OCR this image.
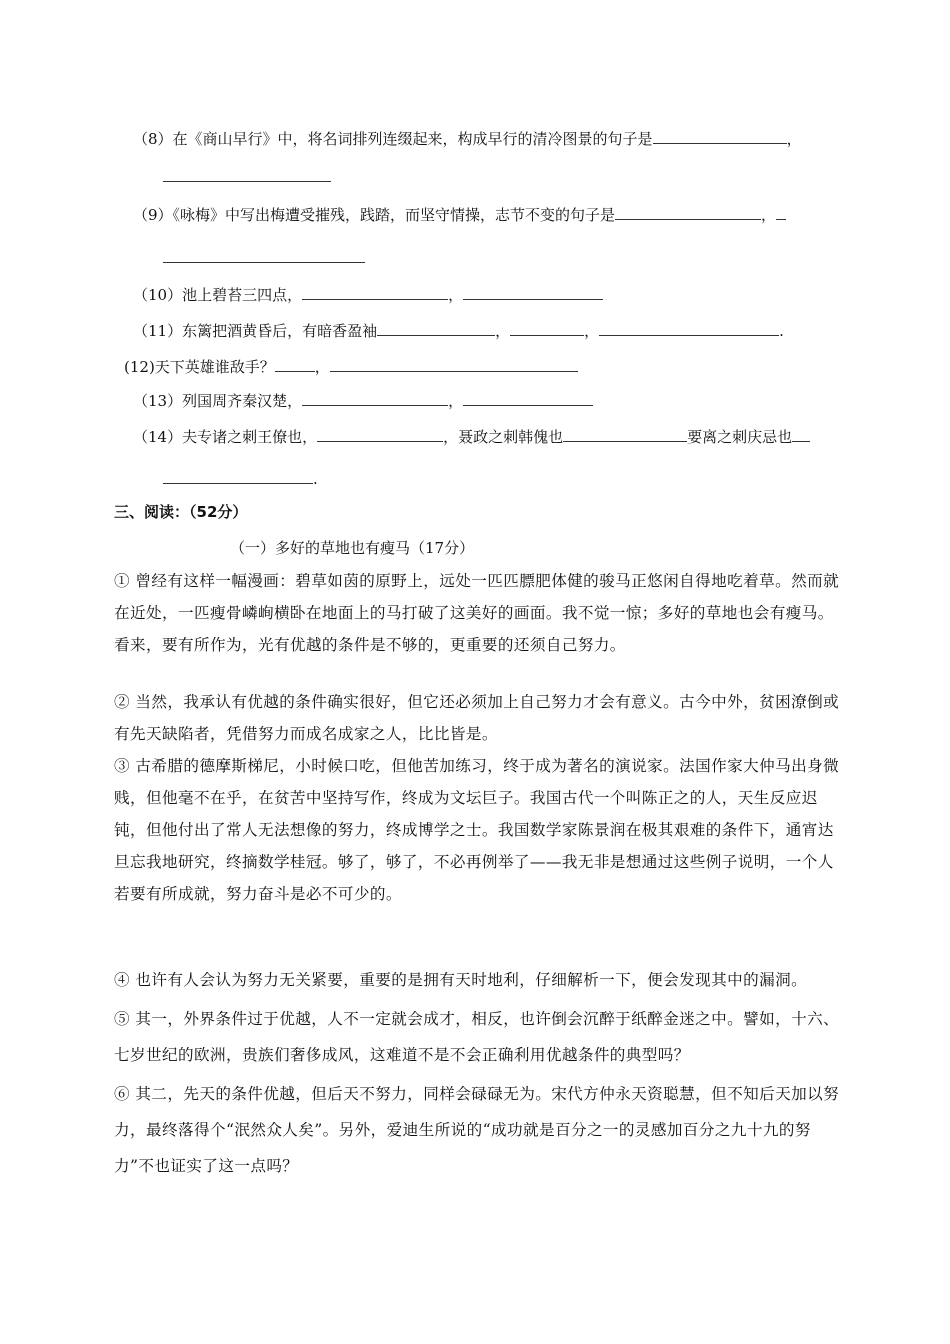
（8）在《商山早行》中，将名词排列连缀起来，构成早行的清冷图景的句子是	，
（9）《咏梅》中写出梅遭受摧残，践踏，而坚守情操，志节不变的句子是	，
（10）池上碧苔三四点，	，
（11）东篱把酒黄昏后，有暗香盈袖	，	，	.
(12)天下英雄谁敌手？	，
（13）列国周齐秦汉楚，	，
（14）夫专诸之刺王僚也，	，聂政之刺韩傀也	要离之刺庆忌也
.
三、阅读：（52分）
（一）多好的草地也有瘦马（17分）
① 曾经有这样一幅漫画：碧草如茵的原野上，远处一匹匹膘肥体健的骏马正悠闲自得地吃着草。然而就在近处，一匹瘦骨嶙峋横卧在地面上的马打破了这美好的画面。我不觉一惊；多好的草地也会有瘦马。看来，要有所作为，光有优越的条件是不够的，更重要的还须自己努力。
② 当然，我承认有优越的条件确实很好，但它还必须加上自己努力才会有意义。古今中外，贫困潦倒或有先天缺陷者，凭借努力而成名成家之人，比比皆是。
③ 古希腊的德摩斯梯尼，小时候口吃，但他苦加练习，终于成为著名的演说家。法国作家大仲马出身微贱，但他毫不在乎，在贫苦中坚持写作，终成为文坛巨子。我国古代一个叫陈正之的人，天生反应迟钝，但他付出了常人无法想像的努力，终成博学之士。我国数学家陈景润在极其艰难的条件下，通宵达旦忘我地研究，终摘数学桂冠。够了，够了，不必再例举了——我无非是想通过这些例子说明，一个人若要有所成就，努力奋斗是必不可少的。
④ 也许有人会认为努力无关紧要，重要的是拥有天时地利，仔细解析一下，便会发现其中的漏洞。
⑤ 其一，外界条件过于优越，人不一定就会成才，相反，也许倒会沉醉于纸醉金迷之中。譬如，十六、七岁世纪的欧洲，贵族们奢侈成风，这难道不是不会正确利用优越条件的典型吗？
⑥ 其二，先天的条件优越，但后天不努力，同样会碌碌无为。宋代方仲永天资聪慧，但不知后天加以努力，最终落得个“泯然众人矣”。另外，爱迪生所说的“成功就是百分之一的灵感加百分之九十九的努力”不也证实了这一点吗？
